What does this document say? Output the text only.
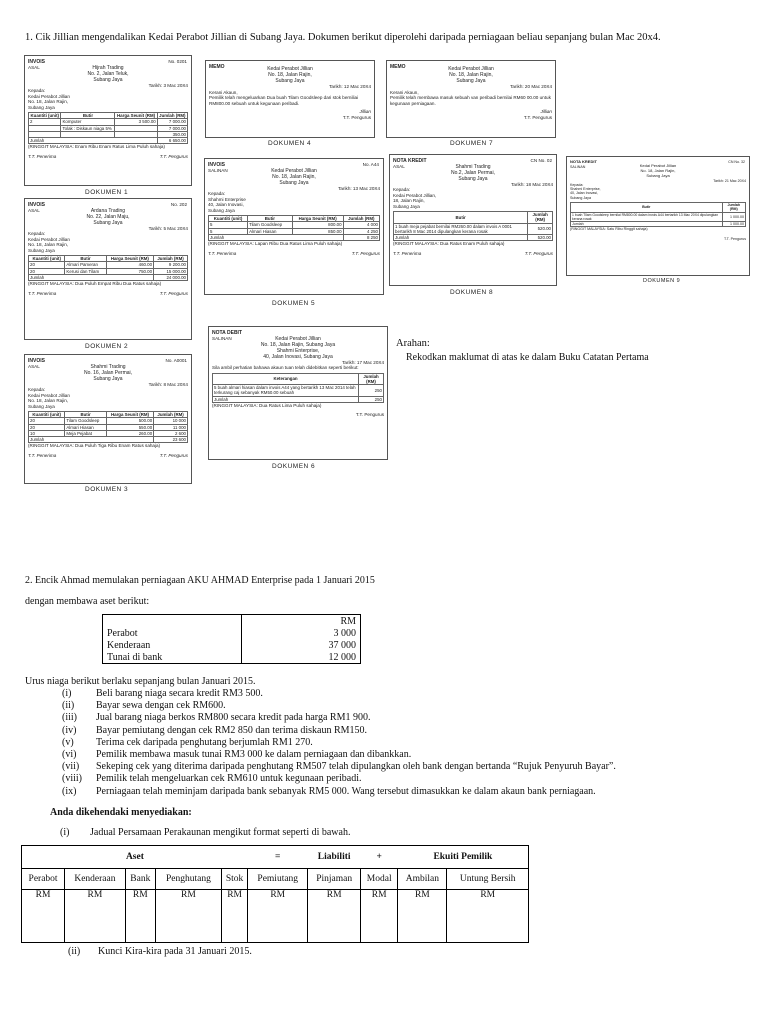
1. Cik Jillian mengendalikan Kedai Perabot Jillian di Subang Jaya. Dokumen berikut diperolehi daripada perniagaan beliau sepanjang bulan Mac 20x4.
INVOIS
ASAL
No. 0201
Hijrah Trading
No. 2, Jalan Teluk,
Subang Jaya
Tarikh: 3 Mac 20X4
Kepada:
Kedai Perabot Jillian
No. 18, Jalan Rajin,
Subang Jaya
Kuantiti (unit)	Butir	Harga Seunit (RM)	Jumlah (RM)
2	Komputer	3 500.00	7 000.00
	Tolak : Diskaun niaga 5%		7 000.00
			350.00
Jumlah			6 650.00
(RINGGIT MALAYSIA: Enam Ribu Enam Ratus Lima Puluh sahaja)
T.T. Penerima	T.T. Pengurus
DOKUMEN 1
INVOIS
ASAL
No. 202
Ardana Trading
No. 22, Jalan Maju,
Subang Jaya
Tarikh: 5 Mac 20X4
Kepada:
Kedai Perabot Jillian
No. 18, Jalan Rajin,
Subang Jaya
Kuantiti (unit)	Butir	Harga Seunit (RM)	Jumlah (RM)
20	Almari Pameran	460.00	9 200.00
20	Kerusi dan Tilam	750.00	15 000.00
Jumlah			24 000.00
(RINGGIT MALAYSIA: Dua Puluh Empat Ribu Dua Ratus sahaja)
T.T. Penerima	T.T. Pengurus
DOKUMEN 2
INVOIS
ASAL
No. A0001
Shahmi Trading
No. 16, Jalan Permai,
Subang Jaya
Tarikh: 8 Mac 20X4
Kepada:
Kedai Perabot Jillian
No. 18, Jalan Rajin,
Subang Jaya
Kuantiti (unit)	Butir	Harga Seunit (RM)	Jumlah (RM)
20	Tilam Goodsleep	500.00	10 000
20	Almari Hiasan	550.00	11 000
10	Meja Pejabat	260.00	2 600
Jumlah			23 600
(RINGGIT MALAYSIA: Dua Puluh Tiga Ribu Enam Ratus sahaja)
T.T. Penerima	T.T. Pengurus
DOKUMEN 3
MEMO	Kedai Perabot Jillian
No. 18, Jalan Rajin,
Subang Jaya
Tarikh: 12 Mac 20X4
Kerani Akaun,
Pemilik telah mengeluarkan Dua buah Tilam Goodsleep dari stok berniliai RM800.00 sebuah untuk kegunaan peribadi.
Jillian
T.T. Pengurus
DOKUMEN 4
INVOIS
SALINAN
No. A44
Kedai Perabot Jillian
No. 18, Jalan Rajin,
Subang Jaya
Tarikh: 13 Mac 20X4
Kepada:
Shahmi Enterprise
40, Jalan Inovasi,
Subang Jaya
Kuantiti (unit)	Butir	Harga Seunit (RM)	Jumlah (RM)
5	Tilam Goodsleep	800.00	4 000
5	Almari Hiasan	850.00	4 250
Jumlah			8 250
(RINGGIT MALAYSIA: Lapan Ribu Dua Ratus Lima Puluh sahaja)
T.T. Penerima	T.T. Pengurus
DOKUMEN 5
NOTA DEBIT
SALINAN	Kedai Perabot Jillian
No. 18, Jalan Rajin, Subang Jaya
Shahmi Enterprise,
40, Jalan Inovasi, Subang Jaya
Tarikh: 17 Mac 20X4
Sila ambil perhatian bahawa akaun tuan telah didebitkan seperti berikut:
Keterangan	Jumlah (RM)
5 buah almari hiasan dalam invois A44 yang bertarikh 13 Mac 2014 telah terkurang caj sebanyak RM50.00 sebuah	250
Jumlah	250
(RINGGIT MALAYSIA: Dua Ratus Lima Puluh sahaja)
T.T. Pengurus
DOKUMEN 6
MEMO	Kedai Perabot Jillian
No. 18, Jalan Rajin,
Subang Jaya
Tarikh: 20 Mac 20X4
Kerani Akaun,
Pemilik telah membawa masuk sebuah van peribadi bernilai RM60 00.00 untuk kegunaan perniagaan.
Jillian
T.T. Pengurus
DOKUMEN 7
NOTA KREDIT
ASAL
CN No. 02
Shahmi Trading
No.2, Jalan Permai,
Subang Jaya
Tarikh: 18 Mac 20X4
Kepada:
Kedai Perabot Jillian,
18, Jalan Rajin,
Subang Jaya
Butir	Jumlah (RM)
1 buah meja pejabat bernilai RM260.00 dalam invois A 0001 bertarikh 8 Mac 2014 dipulangkan kerana rosak	520.00
Jumlah	520.00
(RINGGIT MALAYSIA: Dua Ratus Enam Puluh sahaja)
T.T. Penerima	T.T. Pengurus
DOKUMEN 8
NOTA KREDIT
SALINAN
CN No. 32
Kedai Perabot Jillian
No. 18, Jalan Rajin,
Subang Jaya
Tarikh: 21 Mac 20X4
Kepada:
Shahmi Enterprise,
40, Jalan Inovasi,
Subang Jaya
Butir	Jumlah (RM)
1 buah Tilam Goodsleep bernilai RM800.00 dalam invois A44 bertarikh 13 Mac 20X4 dipulangkan kerana rosak	1 000.00
Jumlah	1 000.00
(RINGGIT MALAYSIA: Satu Ribu Ringgit sahaja)
T.T. Pengurus
DOKUMEN 9
Arahan:
Rekodkan maklumat di atas ke dalam Buku Catatan Pertama
2. Encik Ahmad memulakan perniagaan AKU AHMAD Enterprise pada 1 Januari 2015
dengan membawa aset berikut:
	RM
Perabot	3 000
Kenderaan	37 000
Tunai di bank	12 000
Urus niaga berikut berlaku sepanjang bulan Januari 2015.
(i)	Beli barang niaga secara kredit RM3 500.
(ii)	Bayar sewa dengan cek RM600.
(iii)	Jual barang niaga berkos RM800 secara kredit pada harga RM1 900.
(iv)	Bayar pemiutang dengan cek RM2 850 dan terima diskaun RM150.
(v)	Terima cek daripada penghutang berjumlah RM1 270.
(vi)	Pemilik membawa masuk tunai RM3 000 ke dalam perniagaan dan dibankkan.
(vii)	Sekeping cek yang diterima daripada penghutang RM507 telah dipulangkan oleh bank dengan bertanda “Rujuk Penyuruh Bayar”.
(viii)	Pemilik telah mengeluarkan cek RM610 untuk kegunaan peribadi.
(ix)	Perniagaan telah meminjam daripada bank sebanyak RM5 000. Wang tersebut dimasukkan ke dalam akaun bank perniagaan.
Anda dikehendaki menyediakan:
(i) Jadual Persamaan Perakaunan mengikut format seperti di bawah.
Aset					=	Liabiliti	+	Ekuiti Pemilik	
Perabot	Kenderaan	Bank	Penghutang	Stok	Pemiutang	Pinjaman	Modal	Ambilan	Untung Bersih
RM	RM	RM	RM	RM	RM	RM	RM	RM	RM
(ii) Kunci Kira-kira pada 31 Januari 2015.
